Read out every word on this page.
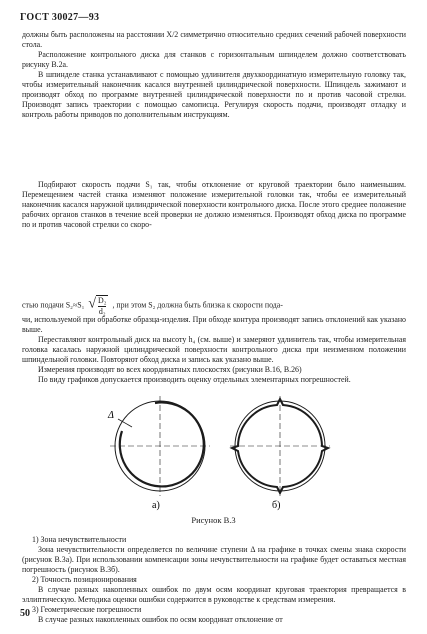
ГОСТ 30027—93

должны быть расположены на расстоянии X/2 симметрично относительно средних сечений рабочей поверхности стола.

Расположение контрольного диска для станков с горизонтальным шпинделем должно соответствовать рисунку В.2а.

В шпинделе станка устанавливают с помощью удлинителя двухкоординатную измерительную головку так, чтобы измерительный наконечник касался внутренней цилиндрической поверхности. Шпиндель зажимают и производят обход по программе внутренней цилиндрической поверхности по и против часовой стрелки. Производят запись траектории с помощью самописца. Регулируя скорость подачи, производят отладку и контроль работы приводов по дополнительным инструкциям.

Подбирают скорость подачи S₁ так, чтобы отклонение от круговой траектории было наименьшим. Перемещением частей станка изменяют положение измерительной головки так, чтобы ее измерительный наконечник касался наружной цилиндрической поверхности контрольного диска. После этого среднее положение рабочих органов станков в течение всей проверки не должно изменяться. Производят обход диска по программе по и против часовой стрелки со скоро-

стью подачи S₂≈S₁ √ $\frac{\text{D₂}}{\text{d₂}}$ , при этом S₂ должна быть близка к скорости пода-

чи, используемой при обработке образца-изделия. При обходе контура производят запись отклонений как указано выше.

Переставляют контрольный диск на высоту h₄ (см. выше) и замеряют удлинитель так, чтобы измерительная головка касалась наружной цилиндрической поверхности контрольного диска при неизменном положении шпиндельной головки. Повторяют обход диска и запись как указано выше.

Δ
а)	б)

Измерения производят во всех координатных плоскостях (рисунки В.16, В.26)

По виду графиков допускается производить оценку отдельных элементарных погрешностей.

Рисунок В.3

1) Зона нечувствительности

Зона нечувствительности определяется по величине ступени Δ на графике в точках смены знака скорости (рисунок В.3а). При использовании компенсации зоны нечувствительности на графике будет оставаться местная погрешность (рисунок В.3б).

2) Точность позиционирования

В случае разных накопленных ошибок по двум осям координат круговая траектория превращается в эллиптическую. Методика оценки ошибки содержится в руководстве к средствам измерения.

3) Геометрические погрешности

В случае разных накопленных ошибок по осям координат отклонение от

50
